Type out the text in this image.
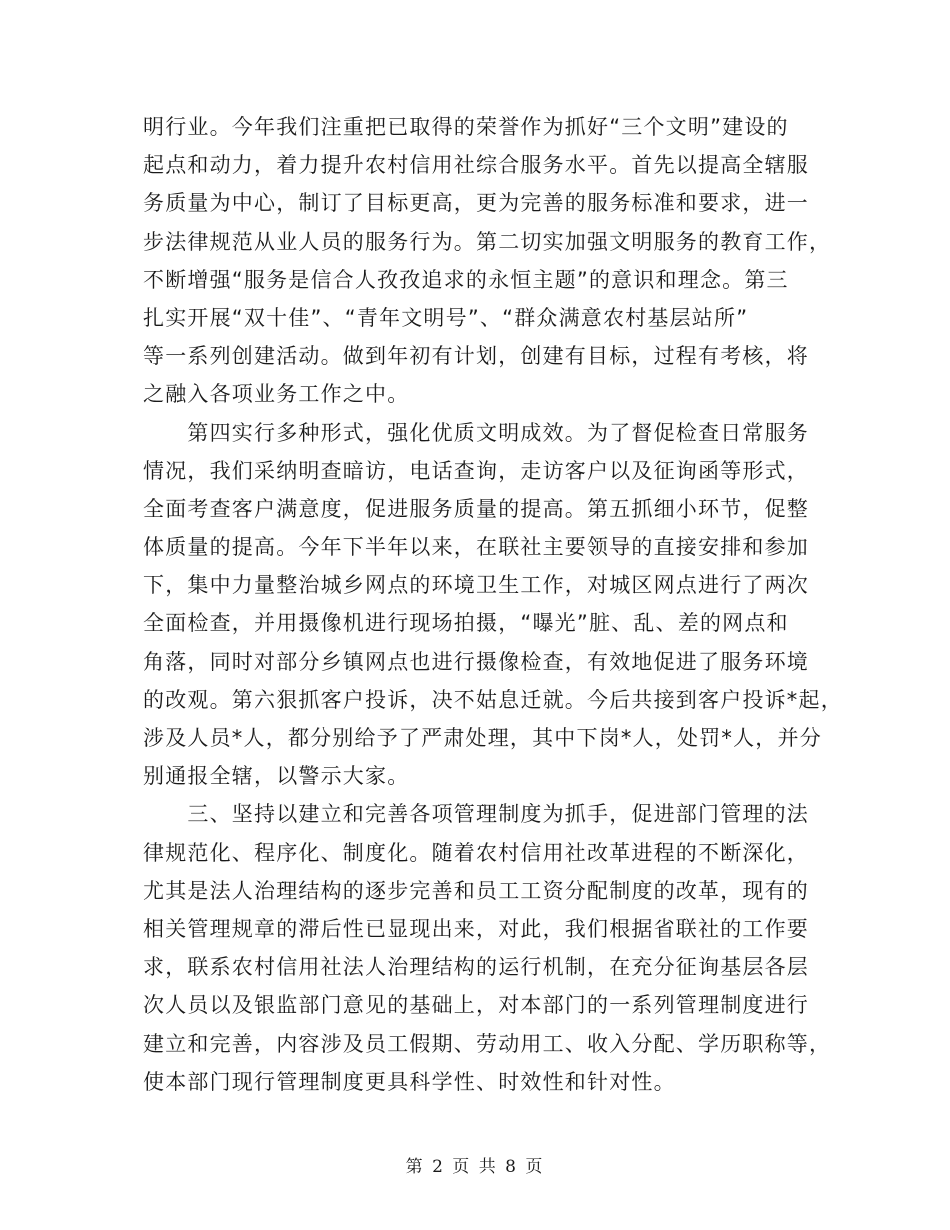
明行业。今年我们注重把已取得的荣誉作为抓好“三个文明”建设的
起点和动力，着力提升农村信用社综合服务水平。首先以提高全辖服
务质量为中心，制订了目标更高，更为完善的服务标准和要求，进一
步法律规范从业人员的服务行为。第二切实加强文明服务的教育工作，
不断增强“服务是信合人孜孜追求的永恒主题”的意识和理念。第三
扎实开展“双十佳”、“青年文明号”、“群众满意农村基层站所”
等一系列创建活动。做到年初有计划，创建有目标，过程有考核，将
之融入各项业务工作之中。
　　第四实行多种形式，强化优质文明成效。为了督促检查日常服务
情况，我们采纳明查暗访，电话查询，走访客户以及征询函等形式，
全面考查客户满意度，促进服务质量的提高。第五抓细小环节，促整
体质量的提高。今年下半年以来，在联社主要领导的直接安排和参加
下，集中力量整治城乡网点的环境卫生工作，对城区网点进行了两次
全面检查，并用摄像机进行现场拍摄，“曝光”脏、乱、差的网点和
角落，同时对部分乡镇网点也进行摄像检查，有效地促进了服务环境
的改观。第六狠抓客户投诉，决不姑息迁就。今后共接到客户投诉*起，
涉及人员*人，都分别给予了严肃处理，其中下岗*人，处罚*人，并分
别通报全辖，以警示大家。
　　三、坚持以建立和完善各项管理制度为抓手，促进部门管理的法
律规范化、程序化、制度化。随着农村信用社改革进程的不断深化，
尤其是法人治理结构的逐步完善和员工工资分配制度的改革，现有的
相关管理规章的滞后性已显现出来，对此，我们根据省联社的工作要
求，联系农村信用社法人治理结构的运行机制，在充分征询基层各层
次人员以及银监部门意见的基础上，对本部门的一系列管理制度进行
建立和完善，内容涉及员工假期、劳动用工、收入分配、学历职称等，
使本部门现行管理制度更具科学性、时效性和针对性。
第 2 页 共 8 页
